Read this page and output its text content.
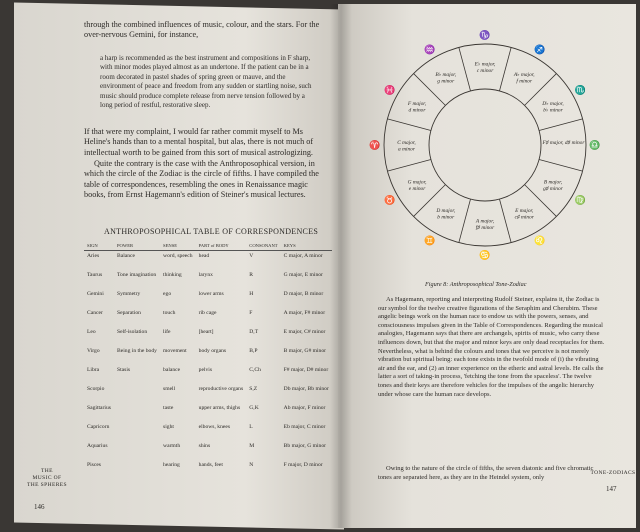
through the combined influences of music, colour, and the stars. For the over-nervous Gemini, for instance,

a harp is recommended as the best instrument and compositions in F sharp, with minor modes played almost as an undertone. If the patient can be in a room decorated in pastel shades of spring green or mauve, and the environment of peace and freedom from any sudden or startling noise, such music should produce complete release from nerve tension followed by a long period of restful, restorative sleep.

If that were my complaint, I would far rather commit myself to Ms Heline's hands than to a mental hospital, but alas, there is not much of intellectual worth to be gained from this sort of musical astrologizing.

Quite the contrary is the case with the Anthroposophical version, in which the circle of the Zodiac is the circle of fifths. I have compiled the table of correspondences, resembling the ones in Renaissance magic books, from Ernst Hagemann's edition of Steiner's musical lectures.

ANTHROPOSOPHICAL TABLE OF CORRESPONDENCES
SIGN	POWER	SENSE	PART of BODY	CONSONANT	KEYS
Aries	Balance	word, speech	head	V	C major, A minor
Taurus	Tone imagination	thinking	larynx	R	G major, E minor
Gemini	Symmetry	ego	lower arms	H	D major, B minor
Cancer	Separation	touch	rib cage	F	A major, F# minor
Leo	Self-isolation	life	[heart]	D,T	E major, C# minor
Virgo	Being in the body	movement	body organs	B,P	B major, G# minor
Libra	Stasis	balance	pelvis	C,Ch	F# major, D# minor
Scorpio		smell	reproductive organs	S,Z	Db major, Bb minor
Sagittarius		taste	upper arms, thighs	G,K	Ab major, F minor
Capricorn		sight	elbows, knees	L	Eb major, C minor
Aquarius		warmth	shins	M	Bb major, G minor
Pisces		hearing	hands, feet	N	F major, D minor
THE
MUSIC OF
THE SPHERES
146
E♭ major, c minor
A♭ major, f minor
D♭ major, b♭ minor
F♯ major, d♯ minor
B major, g♯ minor
E major, c♯ minor
A major, f♯ minor
D major, b minor
G major, e minor
C major, a minor
F major, d minor
B♭ major, g minor
♑
♐
♏
♎
♍
♌
♋
♊
♉
♈
♓
♒
Figure 8: Anthroposophical Tone-Zodiac

As Hagemann, reporting and interpreting Rudolf Steiner, explains it, the Zodiac is our symbol for the twelve creative figurations of the Seraphim and Cherubim. These angelic beings work on the human race to endow us with the powers, senses, and consciousness impulses given in the Table of Correspondences. Regarding the musical analogies, Hagemann says that there are archangels, spirits of music, who carry these influences down, but that the major and minor keys are only dead receptacles for them. Nevertheless, what is behind the colours and tones that we perceive is not merely vibration but spiritual being: each tone exists in the twofold mode of (i) the vibrating air and the ear, and (2) an inner experience on the etheric and astral levels. He calls the latter a sort of taking-in process, 'fetching the tone from the spaceless'. The twelve tones and their keys are therefore vehicles for the impulses of the angelic hierarchy under whose care the human race develops.

Owing to the nature of the circle of fifths, the seven diatonic and five chromatic tones are separated here, as they are in the Heindel system, only

TONE-ZODIACS
147
